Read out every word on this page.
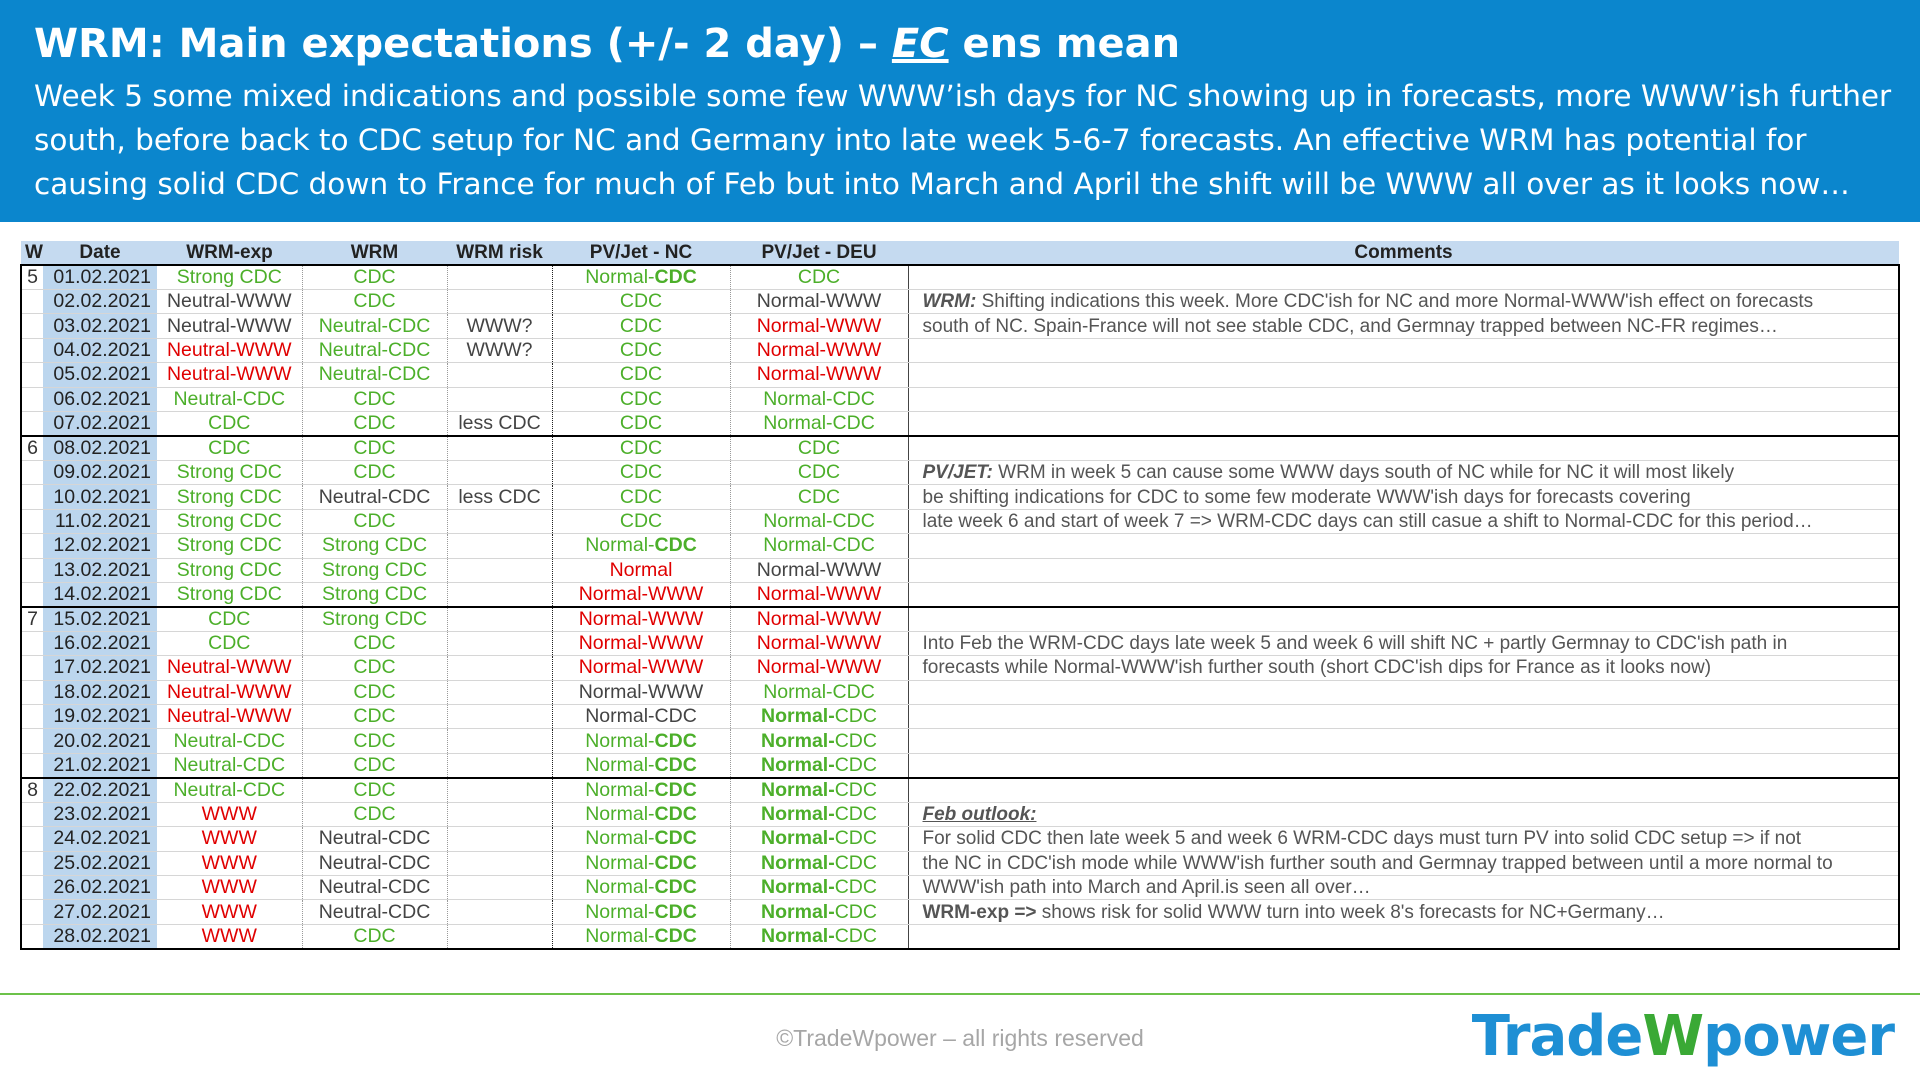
WRM: Main expectations (+/- 2 day) – EC ens mean
Week 5 some mixed indications and possible some few WWW’ish days for NC showing up in forecasts, more WWW’ish further
south, before back to CDC setup for NC and Germany into late week 5-6-7 forecasts. An effective WRM has potential for
causing solid CDC down to France for much of Feb but into March and April the shift will be WWW all over as it looks now…
W	Date	WRM-exp	WRM	WRM risk	PV/Jet - NC	PV/Jet - DEU	Comments
5	01.02.2021	Strong CDC	CDC		Normal-CDC	CDC	
	02.02.2021	Neutral-WWW	CDC		CDC	Normal-WWW	WRM: Shifting indications this week. More CDC'ish for NC and more Normal-WWW'ish effect on forecasts
	03.02.2021	Neutral-WWW	Neutral-CDC	WWW?	CDC	Normal-WWW	south of NC. Spain-France will not see stable CDC, and Germnay trapped between NC-FR regimes…
	04.02.2021	Neutral-WWW	Neutral-CDC	WWW?	CDC	Normal-WWW	
	05.02.2021	Neutral-WWW	Neutral-CDC		CDC	Normal-WWW	
	06.02.2021	Neutral-CDC	CDC		CDC	Normal-CDC	
	07.02.2021	CDC	CDC	less CDC	CDC	Normal-CDC	
6	08.02.2021	CDC	CDC		CDC	CDC	
	09.02.2021	Strong CDC	CDC		CDC	CDC	PV/JET: WRM in week 5 can cause some WWW days south of NC while for NC it will most likely
	10.02.2021	Strong CDC	Neutral-CDC	less CDC	CDC	CDC	be shifting indications for CDC to some few moderate WWW'ish days for forecasts covering
	11.02.2021	Strong CDC	CDC		CDC	Normal-CDC	late week 6 and start of week 7 => WRM-CDC days can still casue a shift to Normal-CDC for this period…
	12.02.2021	Strong CDC	Strong CDC		Normal-CDC	Normal-CDC	
	13.02.2021	Strong CDC	Strong CDC		Normal	Normal-WWW	
	14.02.2021	Strong CDC	Strong CDC		Normal-WWW	Normal-WWW	
7	15.02.2021	CDC	Strong CDC		Normal-WWW	Normal-WWW	
	16.02.2021	CDC	CDC		Normal-WWW	Normal-WWW	Into Feb the WRM-CDC days late week 5 and week 6 will shift NC + partly Germnay to CDC'ish path in
	17.02.2021	Neutral-WWW	CDC		Normal-WWW	Normal-WWW	forecasts while Normal-WWW'ish further south (short CDC'ish dips for France as it looks now)
	18.02.2021	Neutral-WWW	CDC		Normal-WWW	Normal-CDC	
	19.02.2021	Neutral-WWW	CDC		Normal-CDC	Normal-CDC	
	20.02.2021	Neutral-CDC	CDC		Normal-CDC	Normal-CDC	
	21.02.2021	Neutral-CDC	CDC		Normal-CDC	Normal-CDC	
8	22.02.2021	Neutral-CDC	CDC		Normal-CDC	Normal-CDC	
	23.02.2021	WWW	CDC		Normal-CDC	Normal-CDC	Feb outlook:
	24.02.2021	WWW	Neutral-CDC		Normal-CDC	Normal-CDC	For solid CDC then late week 5 and week 6 WRM-CDC days must turn PV into solid CDC setup => if not
	25.02.2021	WWW	Neutral-CDC		Normal-CDC	Normal-CDC	the NC in CDC'ish mode while WWW'ish further south and Germnay trapped between until a more normal to
	26.02.2021	WWW	Neutral-CDC		Normal-CDC	Normal-CDC	WWW'ish path into March and April.is seen all over…
	27.02.2021	WWW	Neutral-CDC		Normal-CDC	Normal-CDC	WRM-exp => shows risk for solid WWW turn into week 8's forecasts for NC+Germany…
	28.02.2021	WWW	CDC		Normal-CDC	Normal-CDC	
©TradeWpower – all rights reserved	TradeWpower
